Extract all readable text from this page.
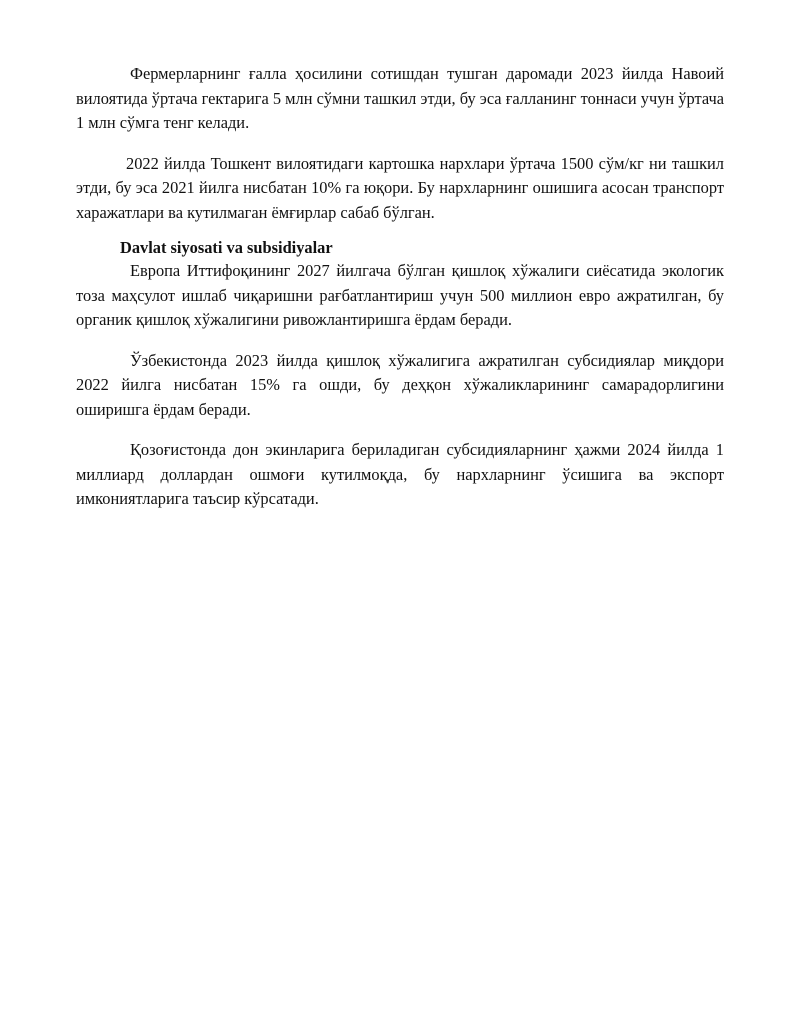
Фермерларнинг ғалла ҳосилини сотишдан тушган даромади 2023 йилда Навоий вилоятида ўртача гектарига 5 млн сўмни ташкил этди, бу эса ғалланинг тоннаси учун ўртача 1 млн сўмга тенг келади.

2022 йилда Тошкент вилоятидаги картошка нархлари ўртача 1500 сўм/кг ни ташкил этди, бу эса 2021 йилга нисбатан 10% га юқори. Бу нархларнинг ошишига асосан транспорт харажатлари ва кутилмаган ёмғирлар сабаб бўлган.

Davlat siyosati va subsidiyalar

Европа Иттифоқининг 2027 йилгача бўлган қишлоқ хўжалиги сиёсатида экологик тоза маҳсулот ишлаб чиқаришни рағбатлантириш учун 500 миллион евро ажратилган, бу органик қишлоқ хўжалигини ривожлантиришга ёрдам беради.

Ўзбекистонда 2023 йилда қишлоқ хўжалигига ажратилган субсидиялар миқдори 2022 йилга нисбатан 15% га ошди, бу деҳқон хўжаликларининг самарадорлигини оширишга ёрдам беради.

Қозоғистонда дон экинларига бериладиган субсидияларнинг ҳажми 2024 йилда 1 миллиард доллардан ошмоғи кутилмоқда, бу нархларнинг ўсишига ва экспорт имкониятларига таъсир кўрсатади.
